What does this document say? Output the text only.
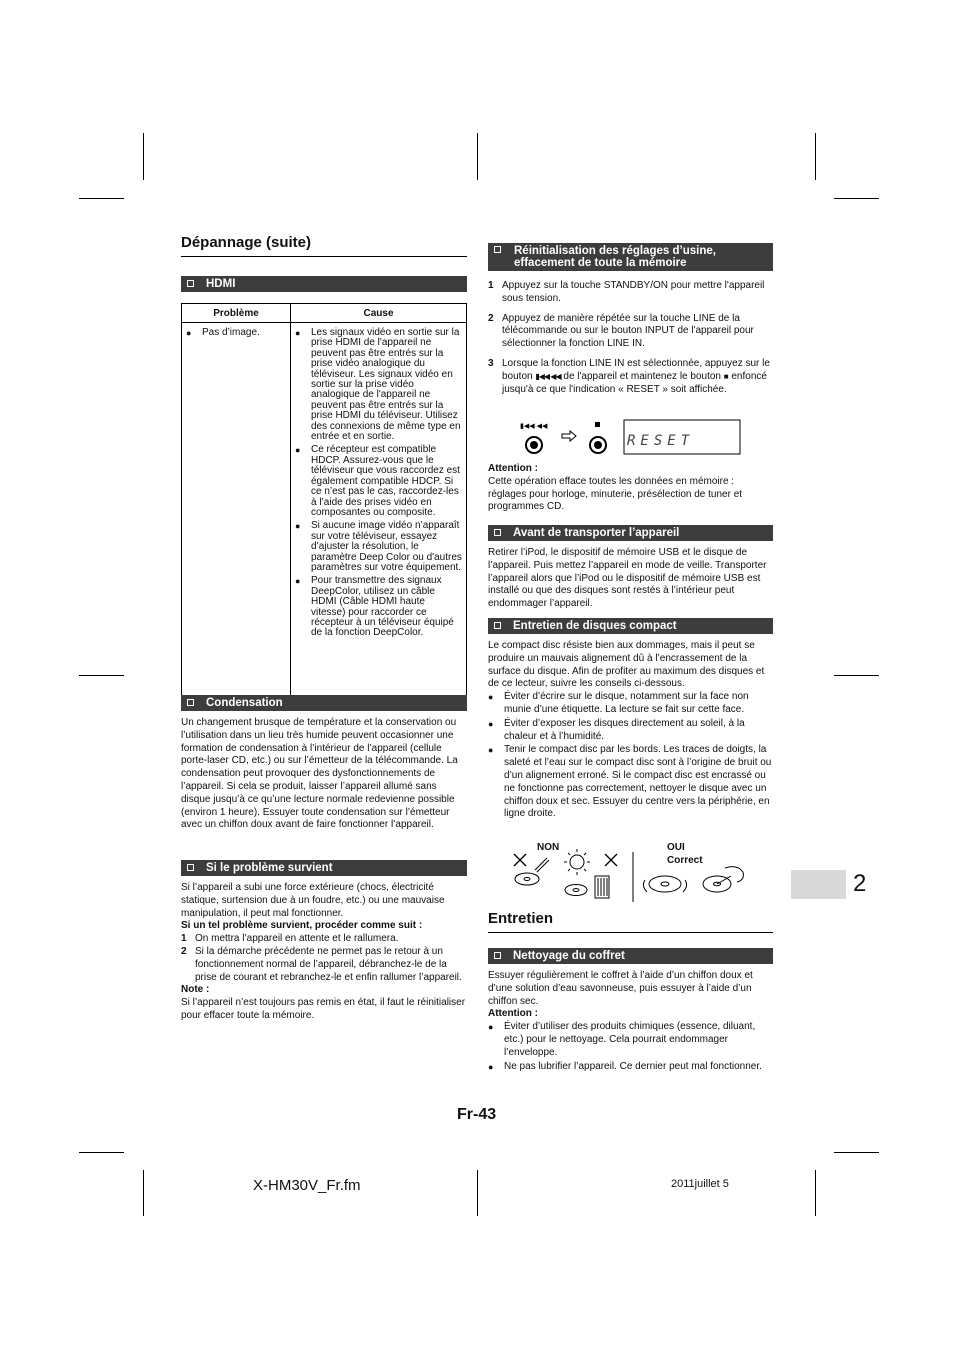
Dépannage (suite)
HDMI
Problème	Cause

● Pas d’image.	● Les signaux vidéo en sortie sur la prise HDMI de l'appareil ne peuvent pas être entrés sur la prise vidéo analogique du téléviseur. Les signaux vidéo en sortie sur la prise vidéo analogique de l'appareil ne peuvent pas être entrés sur la prise HDMI du téléviseur. Utilisez des connexions de même type en entrée et en sortie.
● Ce récepteur est compatible HDCP. Assurez-vous que le téléviseur que vous raccordez est également compatible HDCP. Si ce n’est pas le cas, raccordez-les à l’aide des prises vidéo en composantes ou composite.
● Si aucune image vidéo n’apparaît sur votre téléviseur, essayez d’ajuster la résolution, le paramètre Deep Color ou d'autres paramètres sur votre équipement.
● Pour transmettre des signaux DeepColor, utilisez un câble HDMI (Câble HDMI haute vitesse) pour raccorder ce récepteur à un téléviseur équipé de la fonction DeepColor.
Condensation
Un changement brusque de température et la conservation ou l’utilisation dans un lieu très humide peuvent occasionner une formation de condensation à l’intérieur de l’appareil (cellule porte-laser CD, etc.) ou sur l’émetteur de la télécommande. La condensation peut provoquer des dysfonctionnements de l’appareil. Si cela se produit, laisser l’appareil allumé sans disque jusqu’à ce qu’une lecture normale redevienne possible (environ 1 heure). Essuyer toute condensation sur l’émetteur avec un chiffon doux avant de faire fonctionner l’appareil.
Si le problème survient
Si l’appareil a subi une force extérieure (chocs, électricité statique, surtension due à un foudre, etc.) ou une mauvaise manipulation, il peut mal fonctionner.
Si un tel problème survient, procéder comme suit :
1 On mettra l’appareil en attente et le rallumera.
2 Si la démarche précédente ne permet pas le retour à un fonctionnement normal de l’appareil, débranchez-le de la prise de courant et rebranchez-le et enfin rallumer l’appareil.
Note :
Si l’appareil n’est toujours pas remis en état, il faut le réinitialiser pour effacer toute la mémoire.
Réinitialisation des réglages d’usine,
effacement de toute la mémoire
1 Appuyez sur la touche STANDBY/ON pour mettre l'appareil sous tension.
2 Appuyez de manière répétée sur la touche LINE de la télécommande ou sur le bouton INPUT de l'appareil pour sélectionner la fonction LINE IN.
3 Lorsque la fonction LINE IN est sélectionnée, appuyez sur le bouton ▮◀◀ ◀◀ de l'appareil et maintenez le bouton ■ enfoncé jusqu'à ce que l'indication « RESET » soit affichée.
▮◀◀ ◀◀
RESET
Attention :
Cette opération efface toutes les données en mémoire : réglages pour horloge, minuterie, présélection de tuner et programmes CD.
Avant de transporter l’appareil
Retirer l’iPod, le dispositif de mémoire USB et le disque de l’appareil. Puis mettez l’appareil en mode de veille. Transporter l’appareil alors que l’iPod ou le dispositif de mémoire USB est installé ou que des disques sont restés à l’intérieur peut endommager l’appareil.
Entretien de disques compact
Le compact disc résiste bien aux dommages, mais il peut se produire un mauvais alignement dû à l’encrassement de la surface du disque. Afin de profiter au maximum des disques et de ce lecteur, suivre les conseils ci-dessous.
● Éviter d’écrire sur le disque, notamment sur la face non munie d’une étiquette. La lecture se fait sur cette face.
● Éviter d’exposer les disques directement au soleil, à la chaleur et à l’humidité.
● Tenir le compact disc par les bords. Les traces de doigts, la saleté et l’eau sur le compact disc sont à l’origine de bruit ou d’un alignement erroné. Si le compact disc est encrassé ou ne fonctionne pas correctement, nettoyer le disque avec un chiffon doux et sec. Essuyer du centre vers la périphérie, en ligne droite.
NON	OUI
Correct
Entretien
Nettoyage du coffret
Essuyer régulièrement le coffret à l’aide d’un chiffon doux et d’une solution d’eau savonneuse, puis essuyer à l’aide d’un chiffon sec.
Attention :
● Éviter d’utiliser des produits chimiques (essence, diluant, etc.) pour le nettoyage. Cela pourrait endommager l’enveloppe.
● Ne pas lubrifier l’appareil. Ce dernier peut mal fonctionner.
2
Fr-43
X-HM30V_Fr.fm	2011juillet 5
